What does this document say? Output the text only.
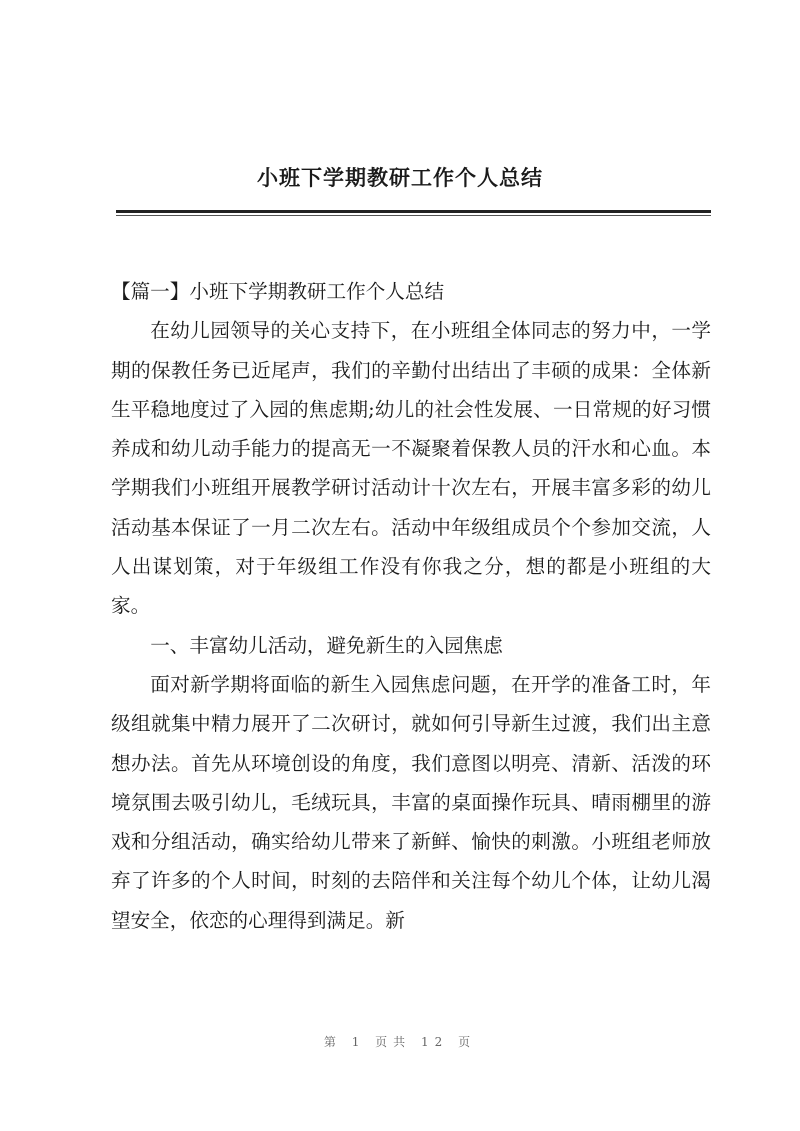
小班下学期教研工作个人总结

【篇一】小班下学期教研工作个人总结

在幼儿园领导的关心支持下，在小班组全体同志的努力中，一学期的保教任务已近尾声，我们的辛勤付出结出了丰硕的成果：全体新生平稳地度过了入园的焦虑期;幼儿的社会性发展、一日常规的好习惯养成和幼儿动手能力的提高无一不凝聚着保教人员的汗水和心血。本学期我们小班组开展教学研讨活动计十次左右，开展丰富多彩的幼儿活动基本保证了一月二次左右。活动中年级组成员个个参加交流，人人出谋划策，对于年级组工作没有你我之分，想的都是小班组的大家。

一、丰富幼儿活动，避免新生的入园焦虑

面对新学期将面临的新生入园焦虑问题，在开学的准备工时，年级组就集中精力展开了二次研讨，就如何引导新生过渡，我们出主意想办法。首先从环境创设的角度，我们意图以明亮、清新、活泼的环境氛围去吸引幼儿，毛绒玩具，丰富的桌面操作玩具、晴雨棚里的游戏和分组活动，确实给幼儿带来了新鲜、愉快的刺激。小班组老师放弃了许多的个人时间，时刻的去陪伴和关注每个幼儿个体，让幼儿渴望安全，依恋的心理得到满足。新

第 1 页共 12 页
